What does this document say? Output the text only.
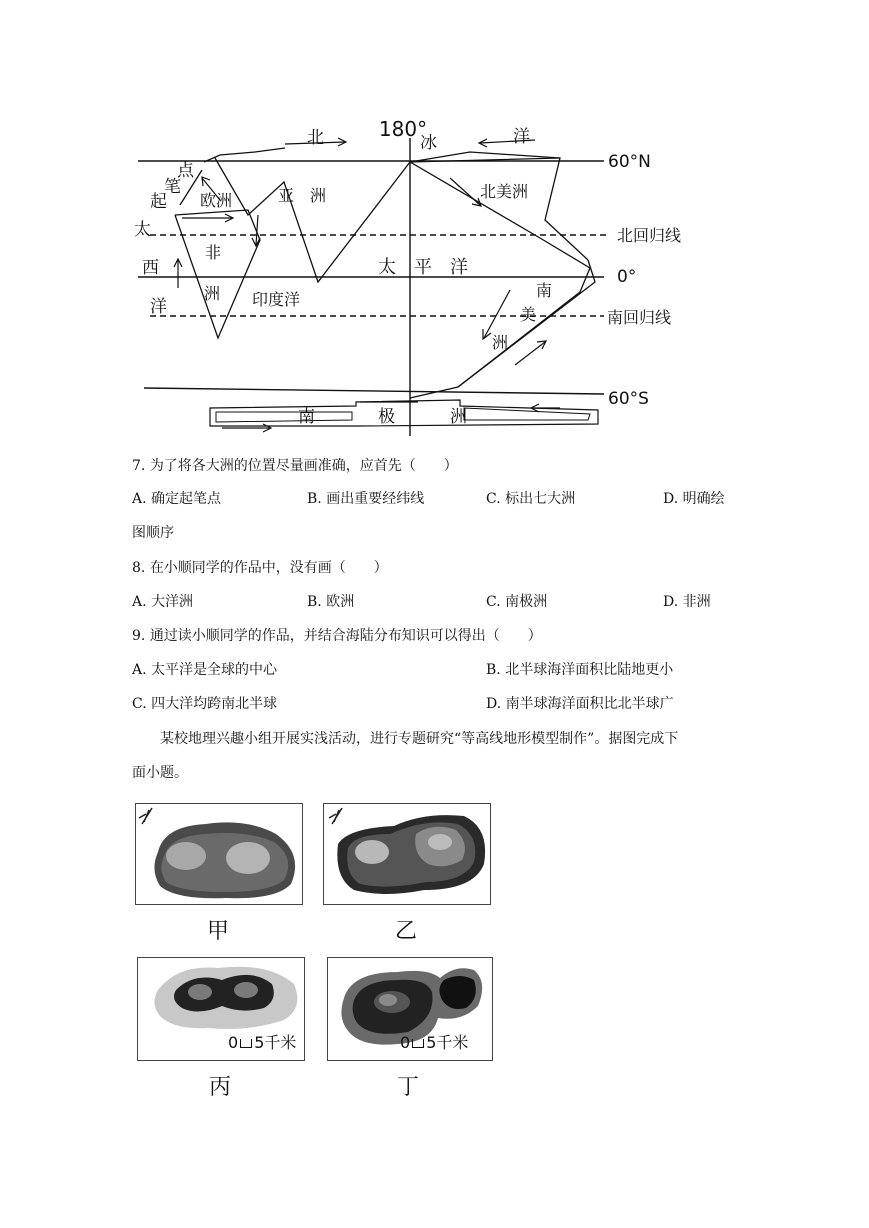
180°
60°N
北回归线
0°
南回归线
60°S
点
笔
起
太
西
洋
北	冰	洋
欧洲	亚　洲	北美洲
非
洲 印度洋
太　平　洋
南
美
洲
南	极	洲
7. 为了将各大洲的位置尽量画准确，应首先（　　）
A. 确定起笔点	B. 画出重要经纬线	C. 标出七大洲	D. 明确绘
图顺序
8. 在小顺同学的作品中，没有画（　　）
A. 大洋洲	B. 欧洲	C. 南极洲	D. 非洲
9. 通过读小顺同学的作品，并结合海陆分布知识可以得出（　　）
A. 太平洋是全球的中心	B. 北半球海洋面积比陆地更小
C. 四大洋均跨南北半球	D. 南半球海洋面积比北半球广
某校地理兴趣小组开展实浅活动，进行专题研究“等高线地形模型制作”。据图完成下
面小题。
0 5千米	0 5千米
甲	乙
丙	丁
